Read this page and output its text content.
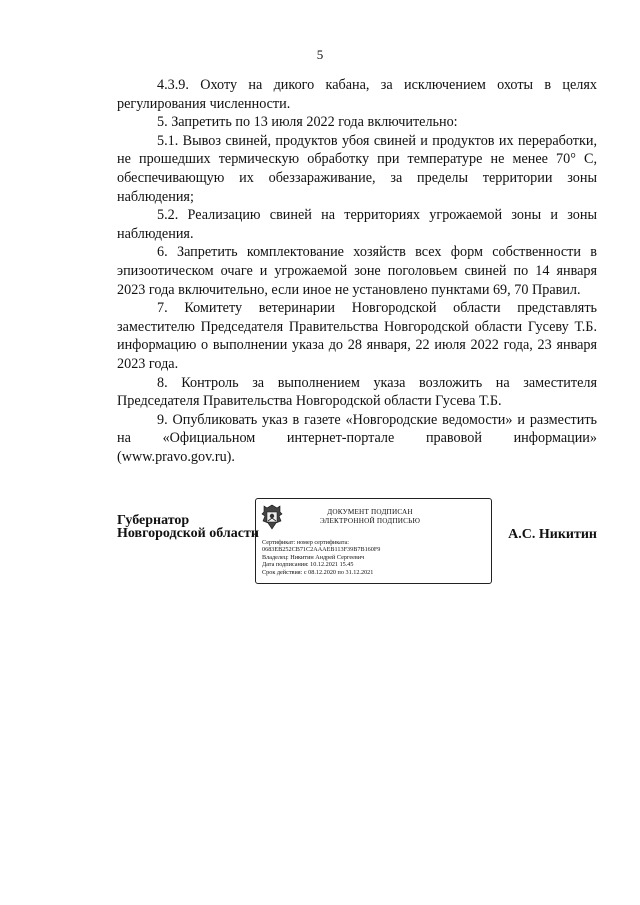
5

4.3.9. Охоту на дикого кабана, за исключением охоты в целях регулирования численности.

5. Запретить по 13 июля 2022 года включительно:

5.1. Вывоз свиней, продуктов убоя свиней и продуктов их переработки, не прошедших термическую обработку при температуре не менее 70° С, обеспечивающую их обеззараживание, за пределы территории зоны наблюдения;

5.2. Реализацию свиней на территориях угрожаемой зоны и зоны наблюдения.

6. Запретить комплектование хозяйств всех форм собственности в эпизоотическом очаге и угрожаемой зоне поголовьем свиней по 14 января 2023 года включительно, если иное не установлено пунктами 69, 70 Правил.

7. Комитету ветеринарии Новгородской области представлять заместителю Председателя Правительства Новгородской области Гусеву Т.Б. информацию о выполнении указа до 28 января, 22 июля 2022 года, 23 января 2023 года.

8. Контроль за выполнением указа возложить на заместителя Председателя Правительства Новгородской области Гусева Т.Б.

9. Опубликовать указ в газете «Новгородские ведомости» и разместить на «Официальном интернет-портале правовой информации» (www.pravo.gov.ru).

Губернатор
Новгородской области
ДОКУМЕНТ ПОДПИСАН
ЭЛЕКТРОННОЙ ПОДПИСЬЮ
Сертификат: номер сертификата:
0683EB252CB71C2AAAEB113F39B7B160F9
Владелец: Никитин Андрей Сергеевич
Дата подписания: 10.12.2021 15.45
Срок действия: с 08.12.2020 по 31.12.2021
А.С. Никитин
